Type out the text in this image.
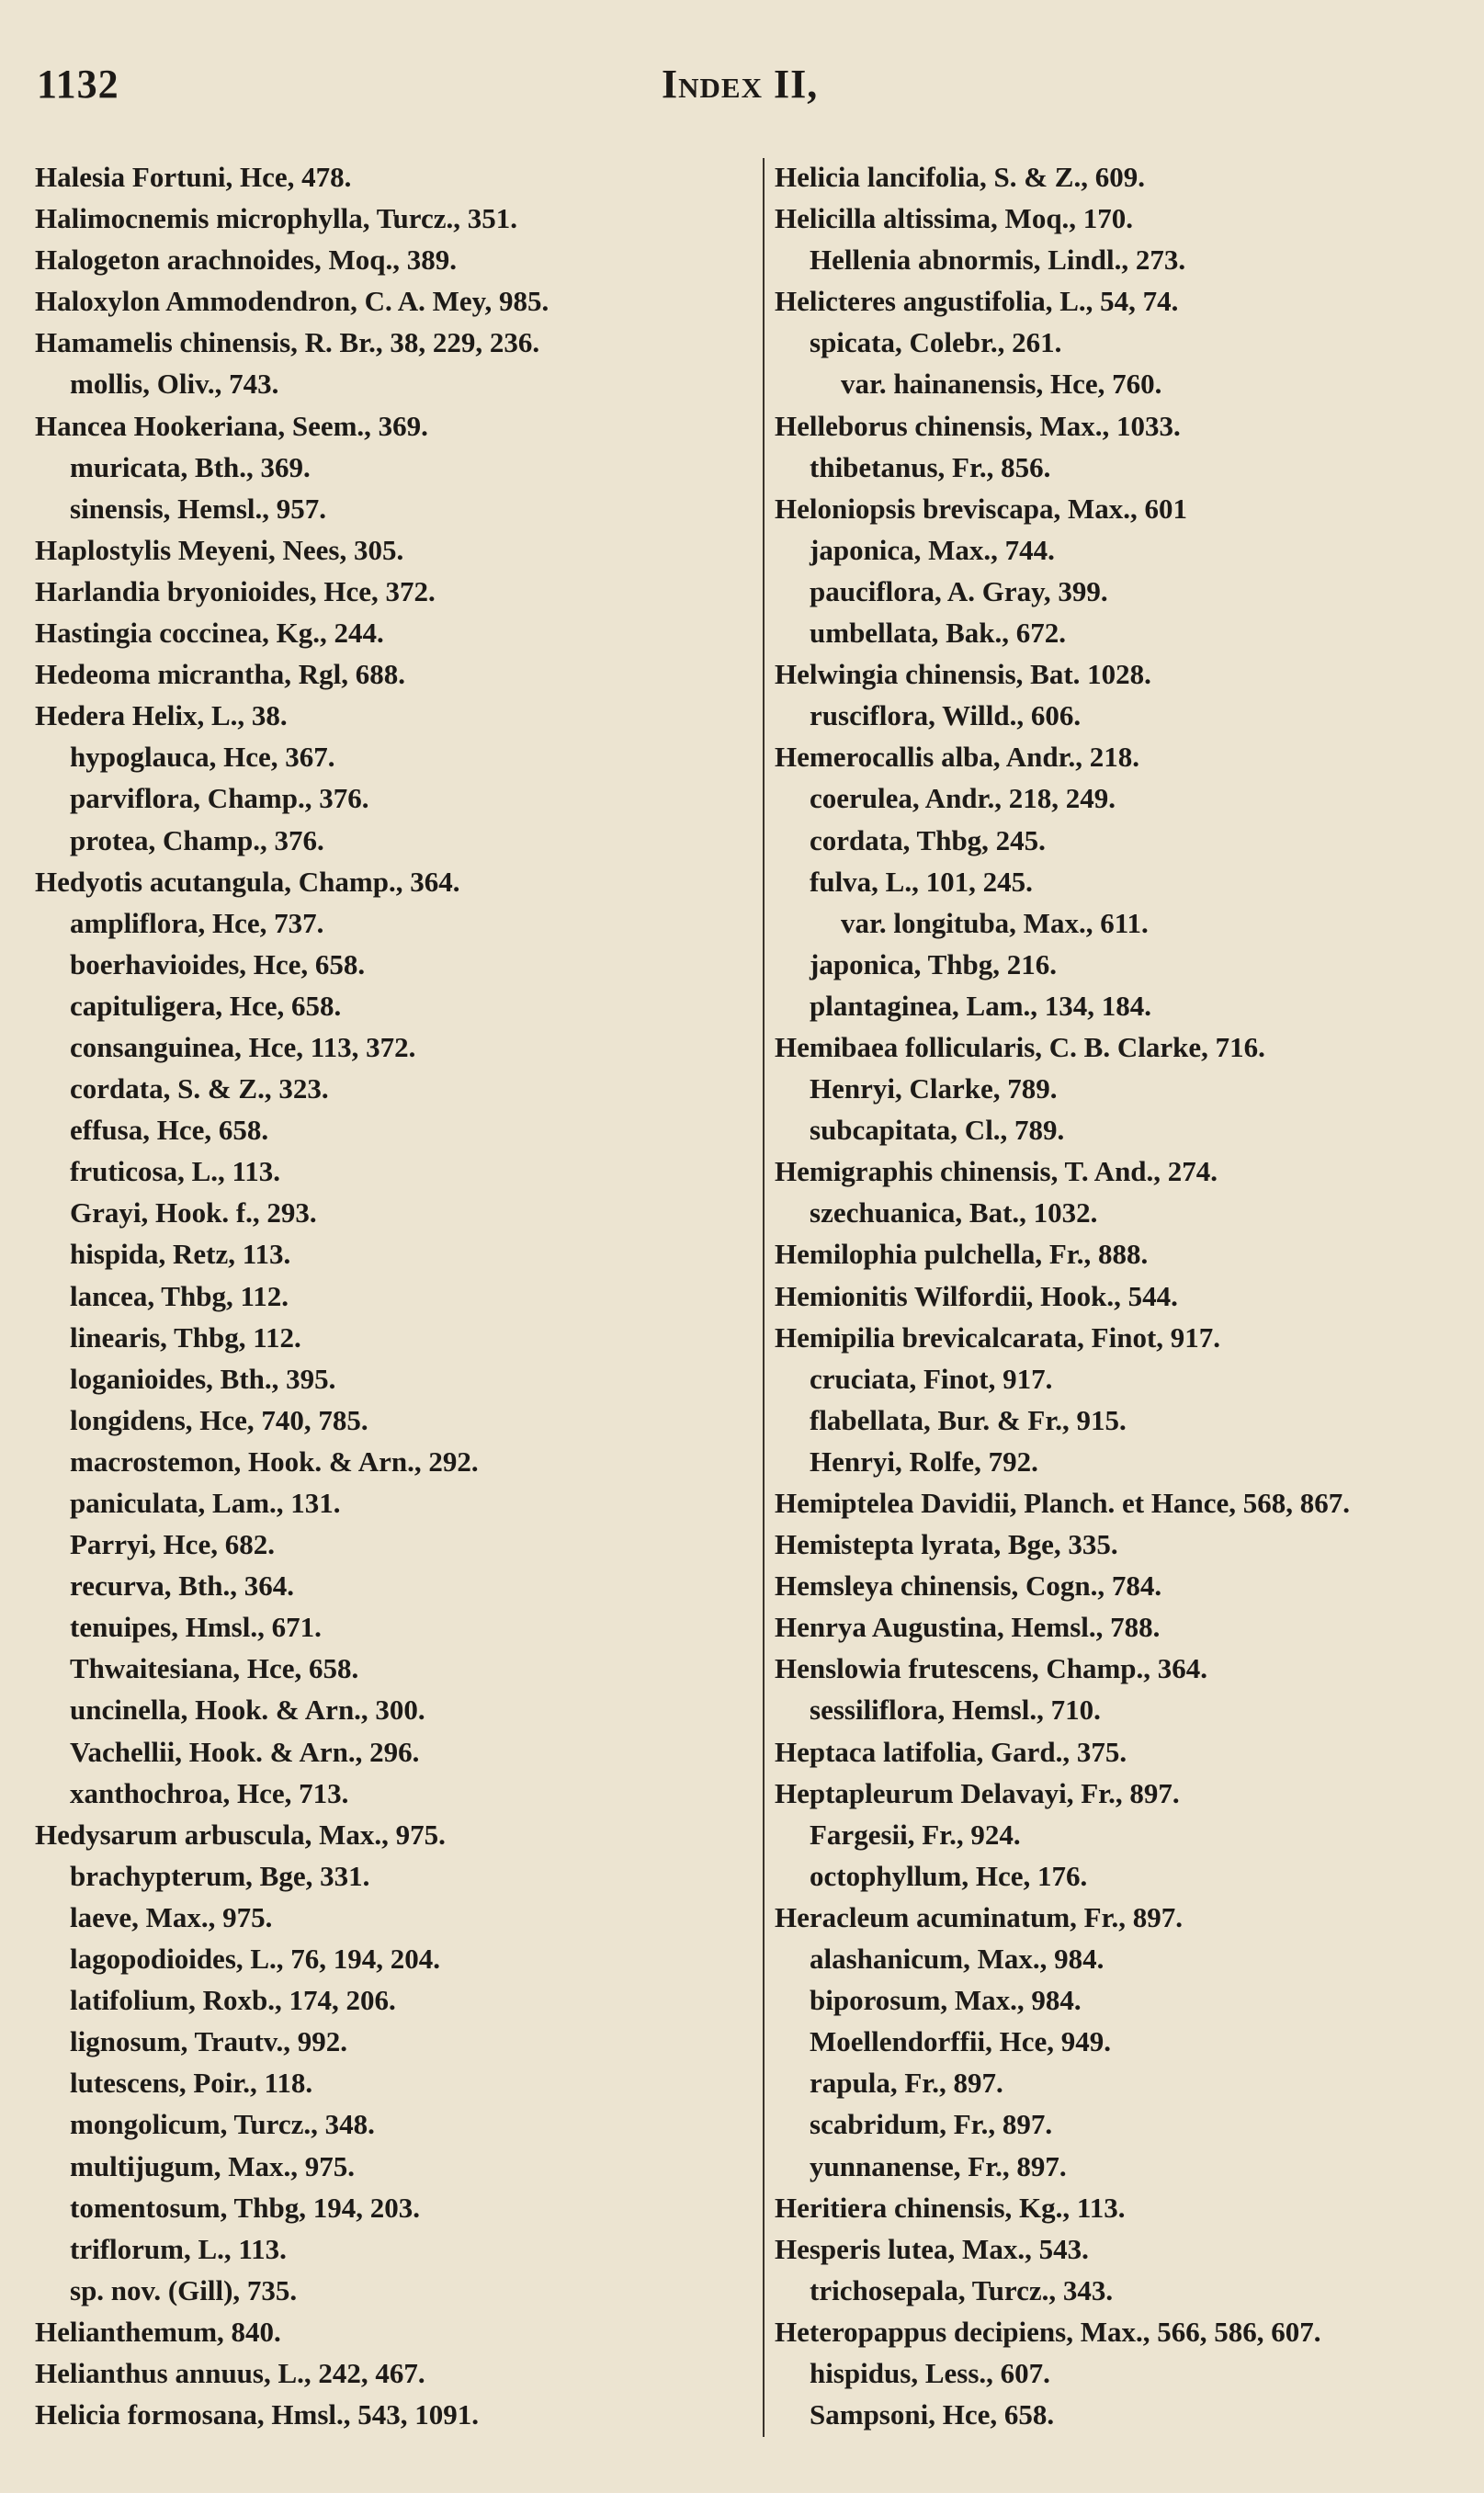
1132	Index II,
Halesia Fortuni, Hce, 478.
Halimocnemis microphylla, Turcz., 351.
Halogeton arachnoides, Moq., 389.
Haloxylon Ammodendron, C. A. Mey, 985.
Hamamelis chinensis, R. Br., 38, 229, 236.
mollis, Oliv., 743.
Hancea Hookeriana, Seem., 369.
muricata, Bth., 369.
sinensis, Hemsl., 957.
Haplostylis Meyeni, Nees, 305.
Harlandia bryonioides, Hce, 372.
Hastingia coccinea, Kg., 244.
Hedeoma micrantha, Rgl, 688.
Hedera Helix, L., 38.
hypoglauca, Hce, 367.
parviflora, Champ., 376.
protea, Champ., 376.
Hedyotis acutangula, Champ., 364.
ampliflora, Hce, 737.
boerhavioides, Hce, 658.
capituligera, Hce, 658.
consanguinea, Hce, 113, 372.
cordata, S. & Z., 323.
effusa, Hce, 658.
fruticosa, L., 113.
Grayi, Hook. f., 293.
hispida, Retz, 113.
lancea, Thbg, 112.
linearis, Thbg, 112.
loganioides, Bth., 395.
longidens, Hce, 740, 785.
macrostemon, Hook. & Arn., 292.
paniculata, Lam., 131.
Parryi, Hce, 682.
recurva, Bth., 364.
tenuipes, Hmsl., 671.
Thwaitesiana, Hce, 658.
uncinella, Hook. & Arn., 300.
Vachellii, Hook. & Arn., 296.
xanthochroa, Hce, 713.
Hedysarum arbuscula, Max., 975.
brachypterum, Bge, 331.
laeve, Max., 975.
lagopodioides, L., 76, 194, 204.
latifolium, Roxb., 174, 206.
lignosum, Trautv., 992.
lutescens, Poir., 118.
mongolicum, Turcz., 348.
multijugum, Max., 975.
tomentosum, Thbg, 194, 203.
triflorum, L., 113.
sp. nov. (Gill), 735.
Helianthemum, 840.
Helianthus annuus, L., 242, 467.
Helicia formosana, Hmsl., 543, 1091.
Helicia lancifolia, S. & Z., 609.
Helicilla altissima, Moq., 170.
Hellenia abnormis, Lindl., 273.
Helicteres angustifolia, L., 54, 74.
spicata, Colebr., 261.
var. hainanensis, Hce, 760.
Helleborus chinensis, Max., 1033.
thibetanus, Fr., 856.
Heloniopsis breviscapa, Max., 601
japonica, Max., 744.
pauciflora, A. Gray, 399.
umbellata, Bak., 672.
Helwingia chinensis, Bat. 1028.
rusciflora, Willd., 606.
Hemerocallis alba, Andr., 218.
coerulea, Andr., 218, 249.
cordata, Thbg, 245.
fulva, L., 101, 245.
var. longituba, Max., 611.
japonica, Thbg, 216.
plantaginea, Lam., 134, 184.
Hemibaea follicularis, C. B. Clarke, 716.
Henryi, Clarke, 789.
subcapitata, Cl., 789.
Hemigraphis chinensis, T. And., 274.
szechuanica, Bat., 1032.
Hemilophia pulchella, Fr., 888.
Hemionitis Wilfordii, Hook., 544.
Hemipilia brevicalcarata, Finot, 917.
cruciata, Finot, 917.
flabellata, Bur. & Fr., 915.
Henryi, Rolfe, 792.
Hemiptelea Davidii, Planch. et Hance, 568, 867.
Hemistepta lyrata, Bge, 335.
Hemsleya chinensis, Cogn., 784.
Henrya Augustina, Hemsl., 788.
Henslowia frutescens, Champ., 364.
sessiliflora, Hemsl., 710.
Heptaca latifolia, Gard., 375.
Heptapleurum Delavayi, Fr., 897.
Fargesii, Fr., 924.
octophyllum, Hce, 176.
Heracleum acuminatum, Fr., 897.
alashanicum, Max., 984.
biporosum, Max., 984.
Moellendorffii, Hce, 949.
rapula, Fr., 897.
scabridum, Fr., 897.
yunnanense, Fr., 897.
Heritiera chinensis, Kg., 113.
Hesperis lutea, Max., 543.
trichosepala, Turcz., 343.
Heteropappus decipiens, Max., 566, 586, 607.
hispidus, Less., 607.
Sampsoni, Hce, 658.
